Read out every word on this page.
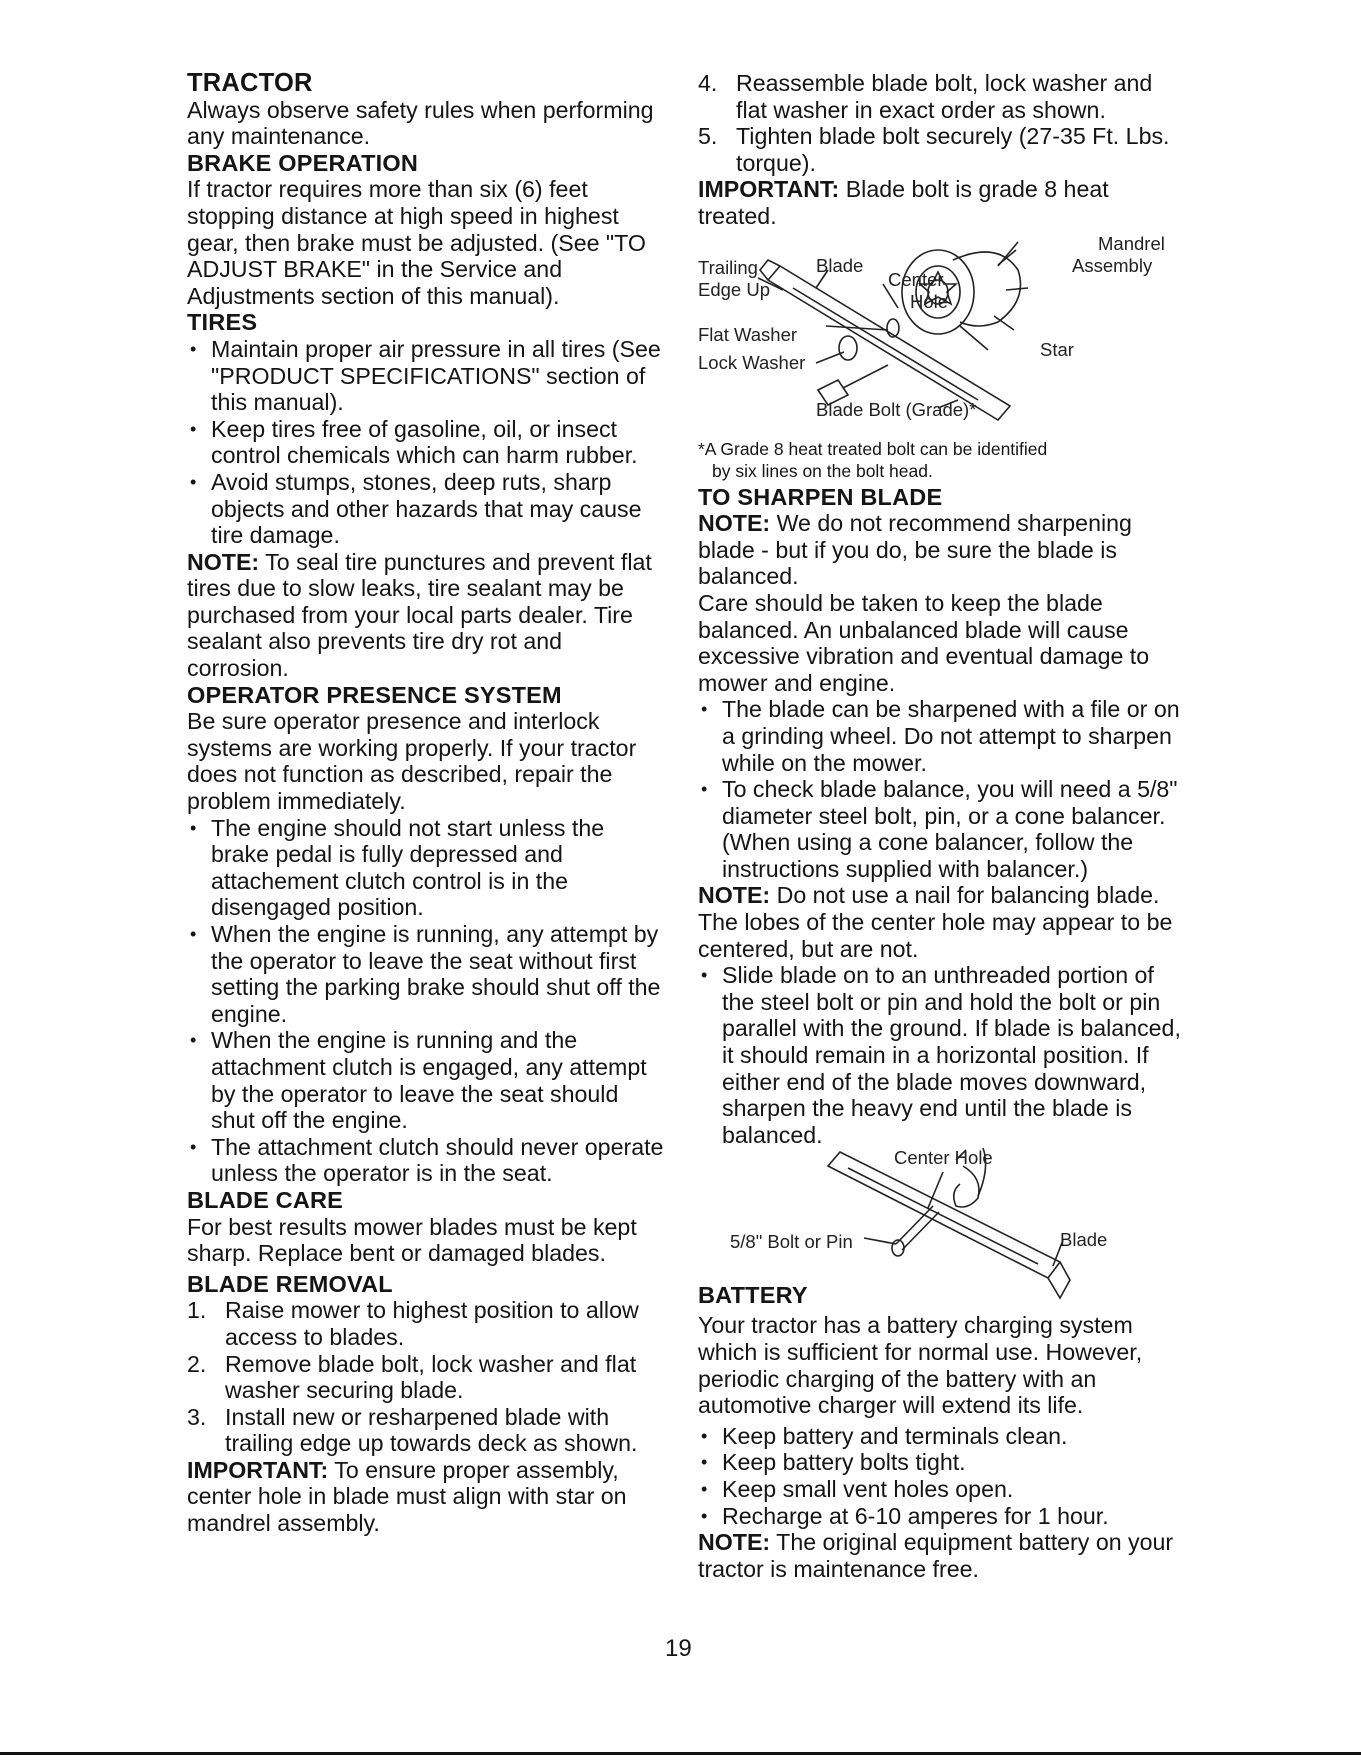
TRACTOR

Always observe safety rules when performing any maintenance.

BRAKE OPERATION

If tractor requires more than six (6) feet stopping distance at high speed in highest gear, then brake must be adjusted. (See "TO ADJUST BRAKE" in the Service and Adjustments section of this manual).

TIRES
• Maintain proper air pressure in all tires (See "PRODUCT SPECIFICATIONS" section of this manual).
• Keep tires free of gasoline, oil, or insect control chemicals which can harm rubber.
• Avoid stumps, stones, deep ruts, sharp objects and other hazards that may cause tire damage.

NOTE: To seal tire punctures and prevent flat tires due to slow leaks, tire sealant may be purchased from your local parts dealer. Tire sealant also prevents tire dry rot and corrosion.

OPERATOR PRESENCE SYSTEM

Be sure operator presence and interlock systems are working properly. If your tractor does not function as described, repair the problem immediately.

• The engine should not start unless the brake pedal is fully depressed and attachement clutch control is in the disengaged position.
• When the engine is running, any attempt by the operator to leave the seat without first setting the parking brake should shut off the engine.
• When the engine is running and the attachment clutch is engaged, any attempt by the operator to leave the seat should shut off the engine.
• The attachment clutch should never operate unless the operator is in the seat.
BLADE CARE

For best results mower blades must be kept sharp. Replace bent or damaged blades.

BLADE REMOVAL
1. Raise mower to highest position to allow access to blades.
2. Remove blade bolt, lock washer and flat washer securing blade.
3. Install new or resharpened blade with trailing edge up towards deck as shown.

IMPORTANT: To ensure proper assembly, center hole in blade must align with star on mandrel assembly.

4. Reassemble blade bolt, lock washer and flat washer in exact order as shown.
5. Tighten blade bolt securely (27-35 Ft. Lbs. torque).

IMPORTANT: Blade bolt is grade 8 heat treated.

Mandrel
Assembly
Trailing
Edge Up
Blade
Center
Hole
Flat Washer
Star
Lock Washer
Blade Bolt (Grade)*

*A Grade 8 heat treated bolt can be identified
by six lines on the bolt head.

TO SHARPEN BLADE

NOTE: We do not recommend sharpening blade - but if you do, be sure the blade is balanced.

Care should be taken to keep the blade balanced. An unbalanced blade will cause excessive vibration and eventual damage to mower and engine.

• The blade can be sharpened with a file or on a grinding wheel. Do not attempt to sharpen while on the mower.
• To check blade balance, you will need a 5/8" diameter steel bolt, pin, or a cone balancer. (When using a cone balancer, follow the instructions supplied with balancer.)

NOTE: Do not use a nail for balancing blade. The lobes of the center hole may appear to be centered, but are not.

• Slide blade on to an unthreaded portion of the steel bolt or pin and hold the bolt or pin parallel with the ground. If blade is balanced, it should remain in a horizontal position. If either end of the blade moves downward, sharpen the heavy end until the blade is balanced.
Center Hole
5/8" Bolt or Pin	Blade
BATTERY

Your tractor has a battery charging system which is sufficient for normal use. However, periodic charging of the battery with an automotive charger will extend its life.

• Keep battery and terminals clean.
• Keep battery bolts tight.
• Keep small vent holes open.
• Recharge at 6-10 amperes for 1 hour.

NOTE: The original equipment battery on your tractor is maintenance free.

19
